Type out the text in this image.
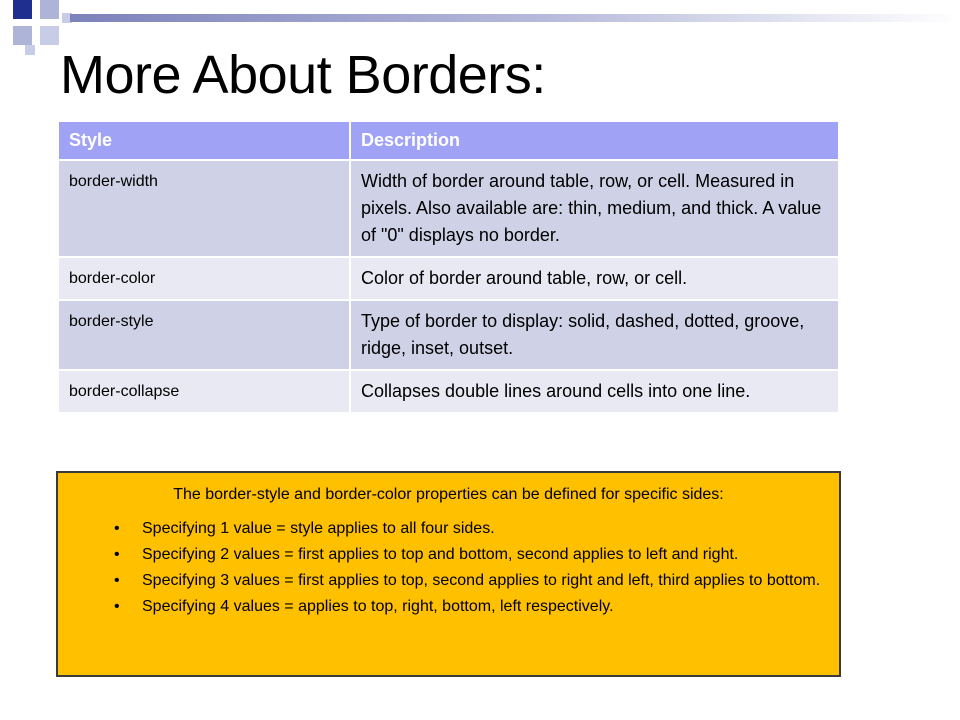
More About Borders:
Style	Description
border-width	Width of border around table, row, or cell. Measured in pixels. Also available are: thin, medium, and thick. A value of "0" displays no border.
border-color	Color of border around table, row, or cell.
border-style	Type of border to display: solid, dashed, dotted, groove, ridge, inset, outset.
border-collapse	Collapses double lines around cells into one line.

The border-style and border-color properties can be defined for specific sides:

• Specifying 1 value = style applies to all four sides.
• Specifying 2 values = first applies to top and bottom, second applies to left and right.
• Specifying 3 values = first applies to top, second applies to right and left, third applies to bottom.
• Specifying 4 values = applies to top, right, bottom, left respectively.
